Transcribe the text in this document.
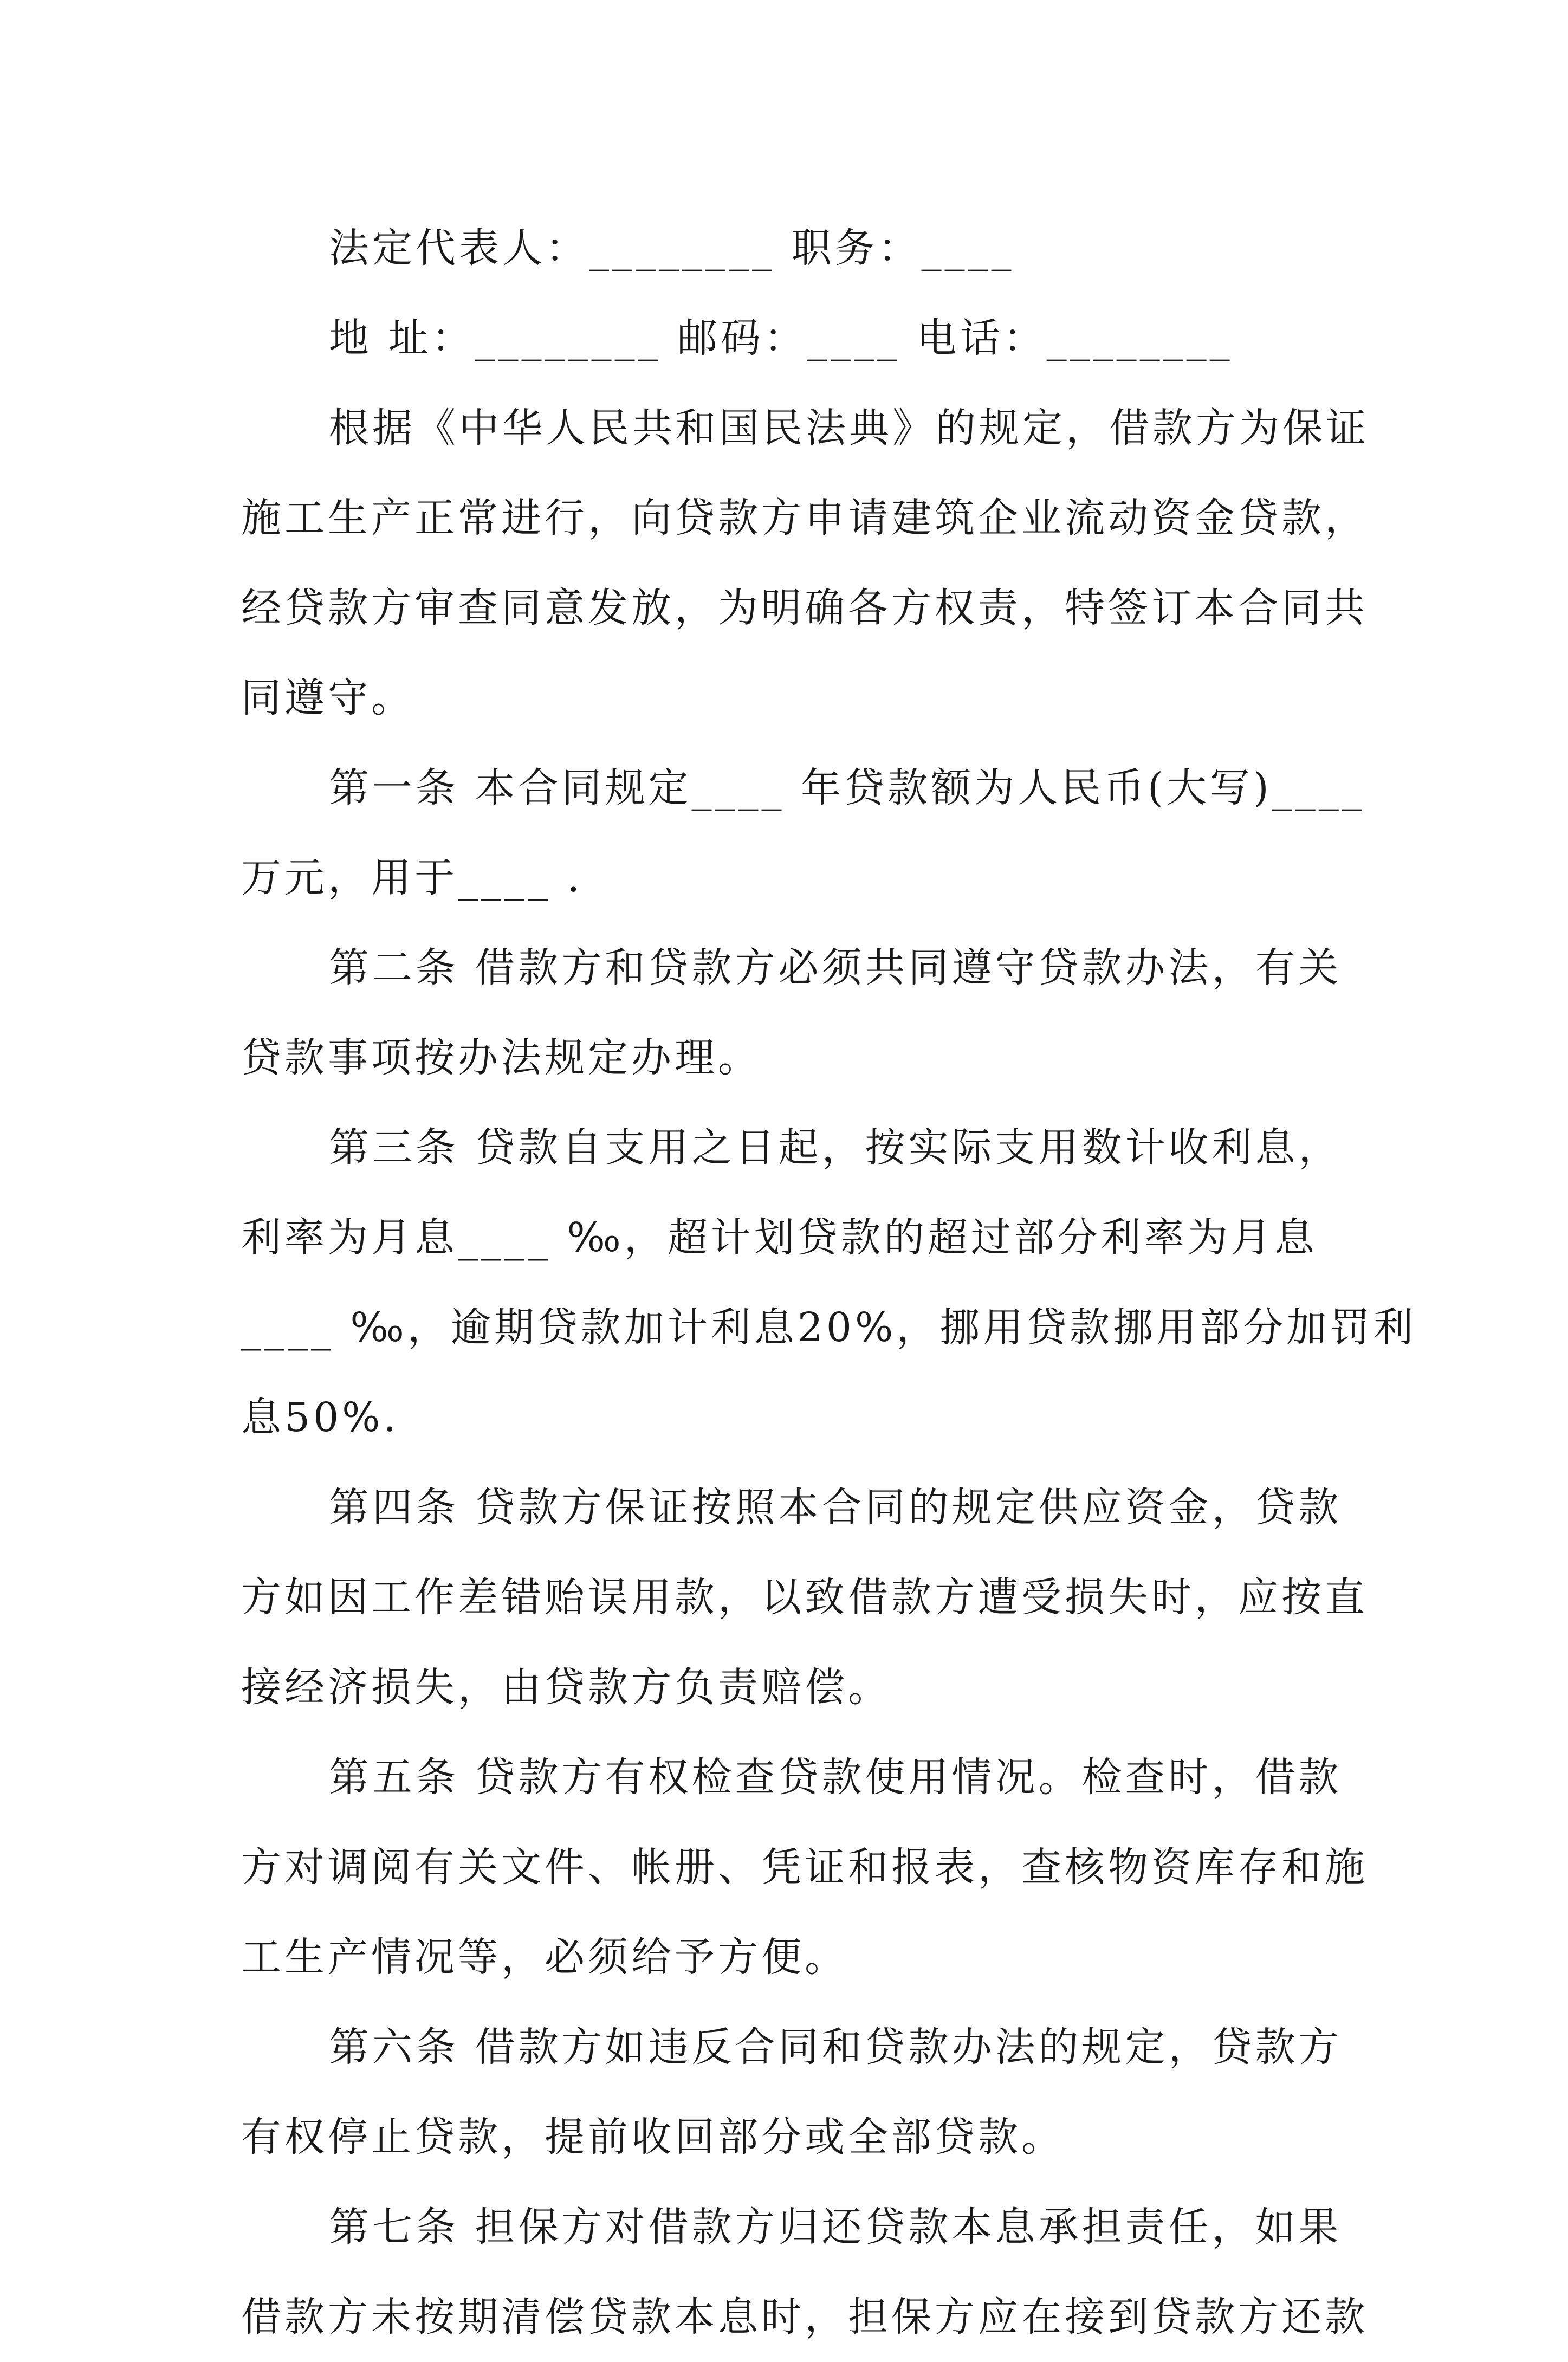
法定代表人：________ 职务：____
地 址：________ 邮码：____ 电话：________
根据《中华人民共和国民法典》的规定，借款方为保证
施工生产正常进行，向贷款方申请建筑企业流动资金贷款，
经贷款方审查同意发放，为明确各方权责，特签订本合同共
同遵守。
第一条 本合同规定____ 年贷款额为人民币(大写)____
万元，用于____ .
第二条 借款方和贷款方必须共同遵守贷款办法，有关
贷款事项按办法规定办理。
第三条 贷款自支用之日起，按实际支用数计收利息，
利率为月息____ ‰，超计划贷款的超过部分利率为月息
____ ‰，逾期贷款加计利息20%，挪用贷款挪用部分加罚利
息50%.
第四条 贷款方保证按照本合同的规定供应资金，贷款
方如因工作差错贻误用款，以致借款方遭受损失时，应按直
接经济损失，由贷款方负责赔偿。
第五条 贷款方有权检查贷款使用情况。检查时，借款
方对调阅有关文件、帐册、凭证和报表，查核物资库存和施
工生产情况等，必须给予方便。
第六条 借款方如违反合同和贷款办法的规定，贷款方
有权停止贷款，提前收回部分或全部贷款。
第七条 担保方对借款方归还贷款本息承担责任，如果
借款方未按期清偿贷款本息时，担保方应在接到贷款方还款
